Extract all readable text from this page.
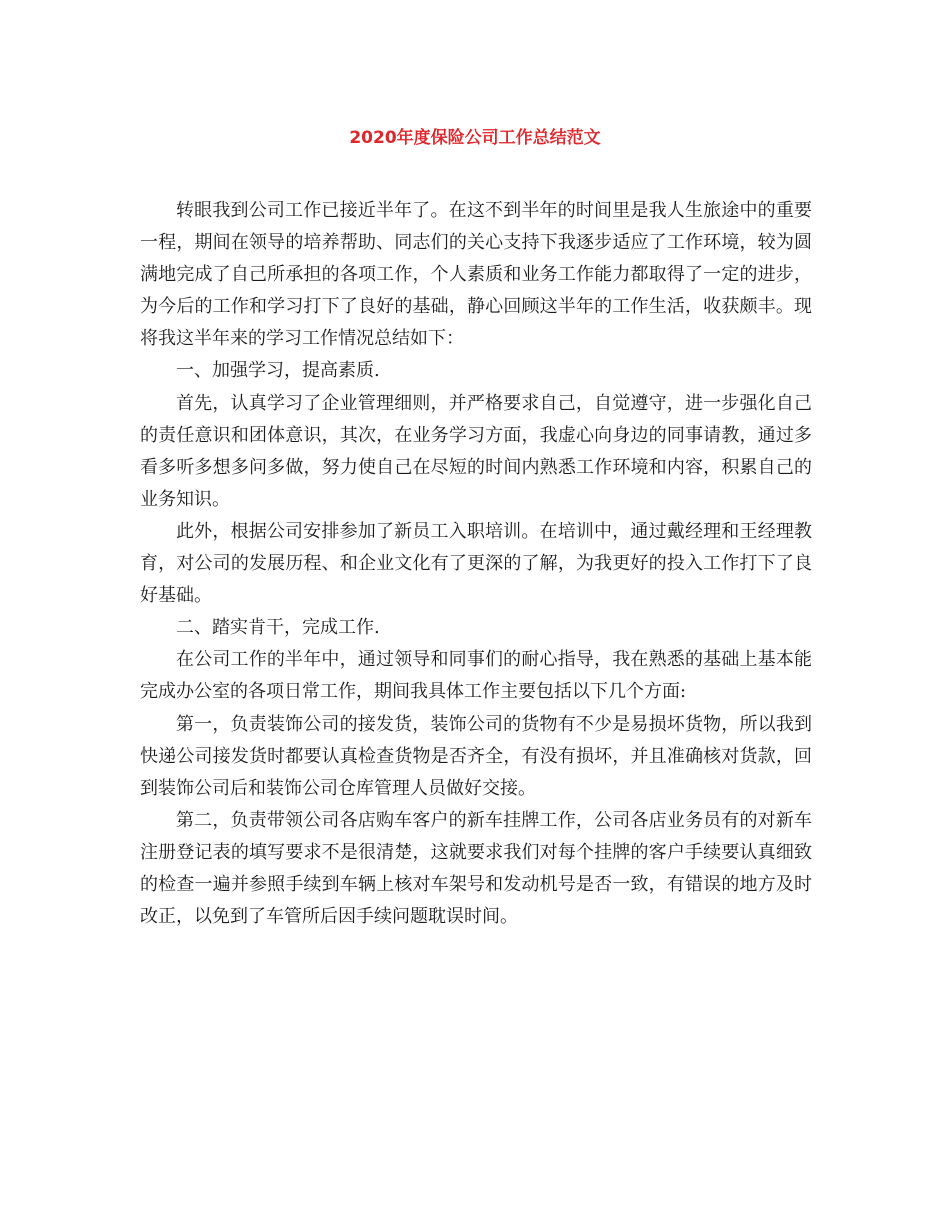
2020年度保险公司工作总结范文

转眼我到公司工作已接近半年了。在这不到半年的时间里是我人生旅途中的重要一程，期间在领导的培养帮助、同志们的关心支持下我逐步适应了工作环境，较为圆满地完成了自己所承担的各项工作，个人素质和业务工作能力都取得了一定的进步，为今后的工作和学习打下了良好的基础，静心回顾这半年的工作生活，收获颇丰。现将我这半年来的学习工作情况总结如下：

一、加强学习，提高素质.

首先，认真学习了企业管理细则，并严格要求自己，自觉遵守，进一步强化自己的责任意识和团体意识，其次，在业务学习方面，我虚心向身边的同事请教，通过多看多听多想多问多做，努力使自己在尽短的时间内熟悉工作环境和内容，积累自己的业务知识。

此外，根据公司安排参加了新员工入职培训。在培训中，通过戴经理和王经理教育，对公司的发展历程、和企业文化有了更深的了解，为我更好的投入工作打下了良好基础。

二、踏实肯干，完成工作.

在公司工作的半年中，通过领导和同事们的耐心指导，我在熟悉的基础上基本能完成办公室的各项日常工作，期间我具体工作主要包括以下几个方面:

第一，负责装饰公司的接发货，装饰公司的货物有不少是易损坏货物，所以我到快递公司接发货时都要认真检查货物是否齐全，有没有损坏，并且准确核对货款，回到装饰公司后和装饰公司仓库管理人员做好交接。

第二，负责带领公司各店购车客户的新车挂牌工作，公司各店业务员有的对新车注册登记表的填写要求不是很清楚，这就要求我们对每个挂牌的客户手续要认真细致的检查一遍并参照手续到车辆上核对车架号和发动机号是否一致，有错误的地方及时改正，以免到了车管所后因手续问题耽误时间。
